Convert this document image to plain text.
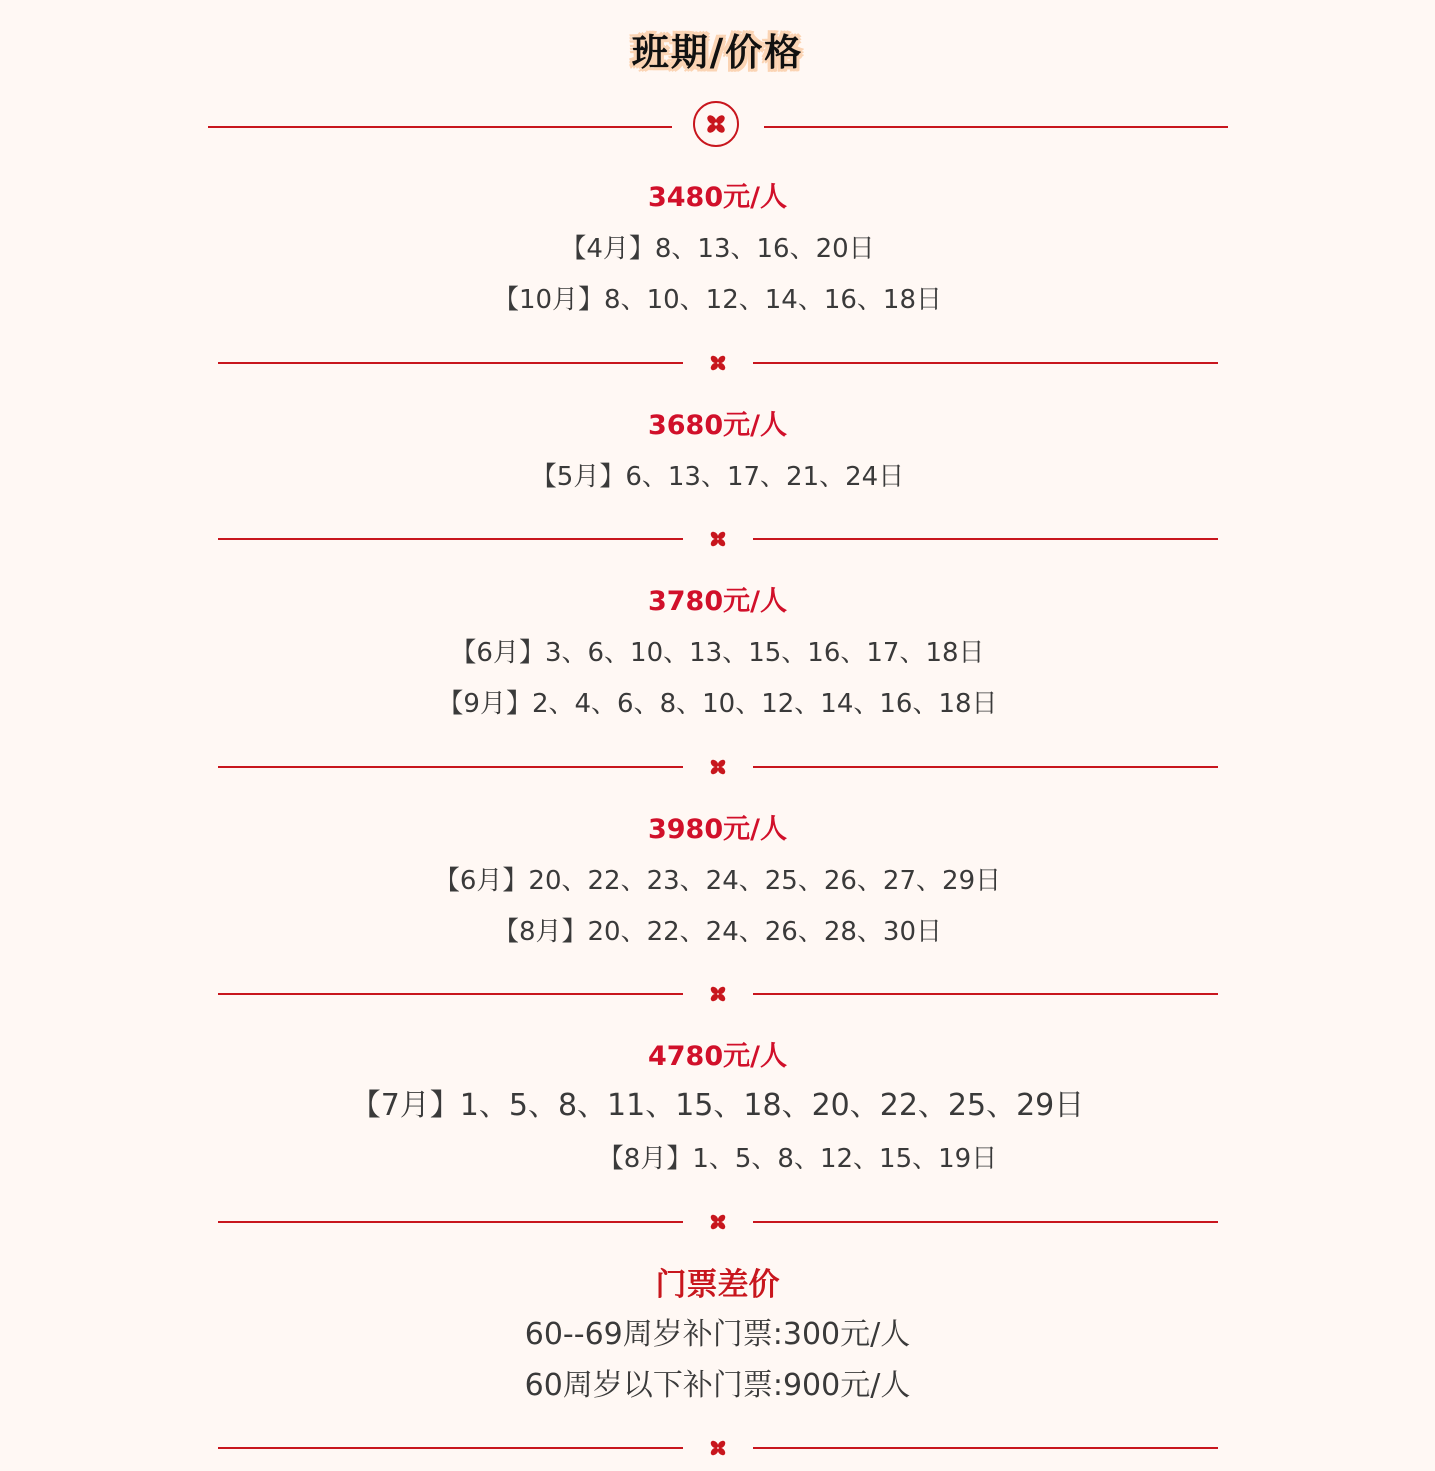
班期/价格
3480元/人
【4月】8、13、16、20日
【10月】8、10、12、14、16、18日
3680元/人
【5月】6、13、17、21、24日
3780元/人
【6月】3、6、10、13、15、16、17、18日
【9月】2、4、6、8、10、12、14、16、18日
3980元/人
【6月】20、22、23、24、25、26、27、29日
【8月】20、22、24、26、28、30日
4780元/人
【7月】1、5、8、11、15、18、20、22、25、29日
【8月】1、5、8、12、15、19日
门票差价
60--69周岁补门票:300元/人
60周岁以下补门票:900元/人
